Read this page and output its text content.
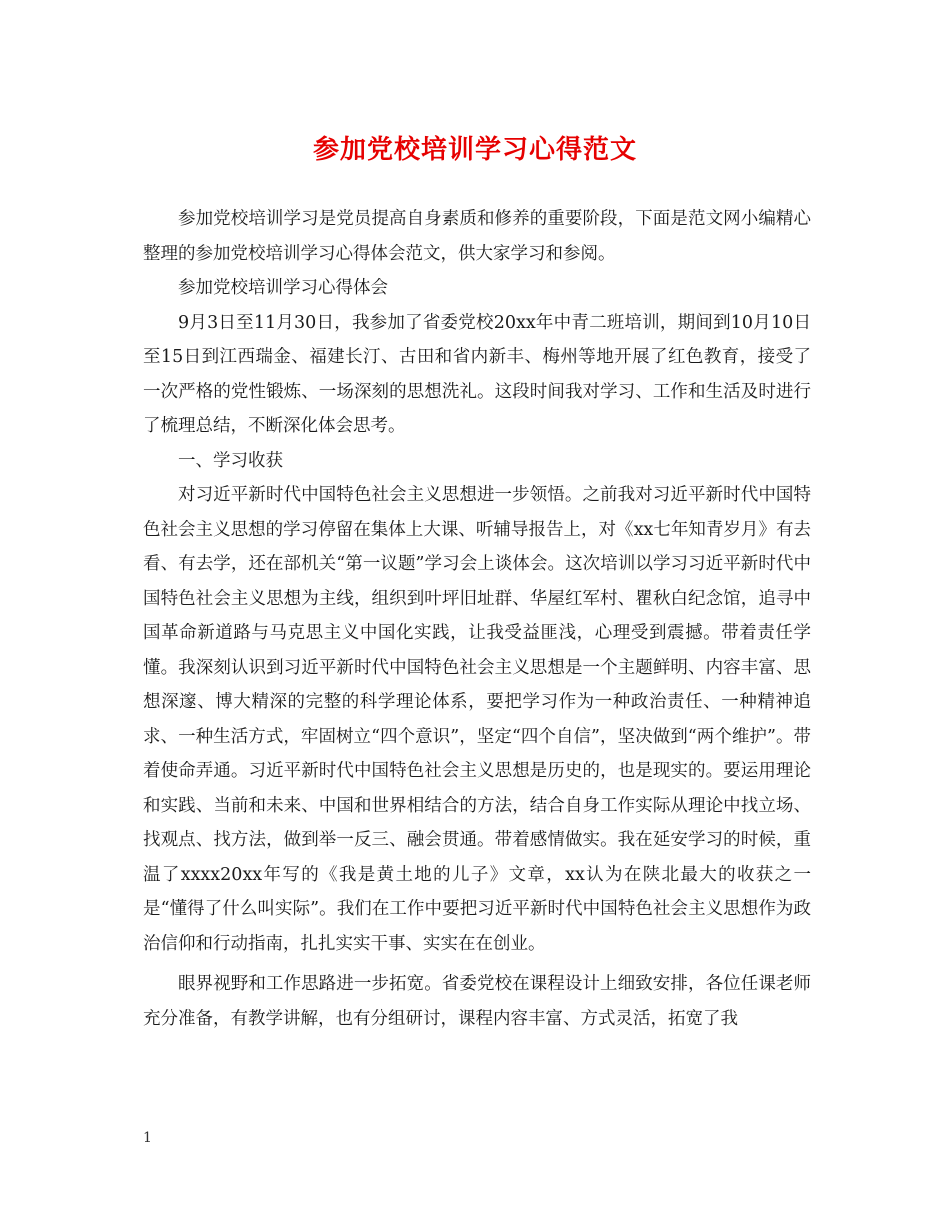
参加党校培训学习心得范文

参加党校培训学习是党员提高自身素质和修养的重要阶段，下面是范文网小编精心整理的参加党校培训学习心得体会范文，供大家学习和参阅。

参加党校培训学习心得体会

9月3日至11月30日，我参加了省委党校20xx年中青二班培训，期间到10月10日至15日到江西瑞金、福建长汀、古田和省内新丰、梅州等地开展了红色教育，接受了一次严格的党性锻炼、一场深刻的思想洗礼。这段时间我对学习、工作和生活及时进行了梳理总结，不断深化体会思考。

一、学习收获

对习近平新时代中国特色社会主义思想进一步领悟。之前我对习近平新时代中国特色社会主义思想的学习停留在集体上大课、听辅导报告上，对《xx七年知青岁月》有去看、有去学，还在部机关“第一议题”学习会上谈体会。这次培训以学习习近平新时代中国特色社会主义思想为主线，组织到叶坪旧址群、华屋红军村、瞿秋白纪念馆，追寻中国革命新道路与马克思主义中国化实践，让我受益匪浅，心理受到震撼。带着责任学懂。我深刻认识到习近平新时代中国特色社会主义思想是一个主题鲜明、内容丰富、思想深邃、博大精深的完整的科学理论体系，要把学习作为一种政治责任、一种精神追求、一种生活方式，牢固树立“四个意识”，坚定“四个自信”，坚决做到“两个维护”。带着使命弄通。习近平新时代中国特色社会主义思想是历史的，也是现实的。要运用理论和实践、当前和未来、中国和世界相结合的方法，结合自身工作实际从理论中找立场、找观点、找方法，做到举一反三、融会贯通。带着感情做实。我在延安学习的时候，重温了xxxx20xx年写的《我是黄土地的儿子》文章，xx认为在陕北最大的收获之一是“懂得了什么叫实际”。我们在工作中要把习近平新时代中国特色社会主义思想作为政治信仰和行动指南，扎扎实实干事、实实在在创业。

眼界视野和工作思路进一步拓宽。省委党校在课程设计上细致安排，各位任课老师充分准备，有教学讲解，也有分组研讨，课程内容丰富、方式灵活，拓宽了我

1
